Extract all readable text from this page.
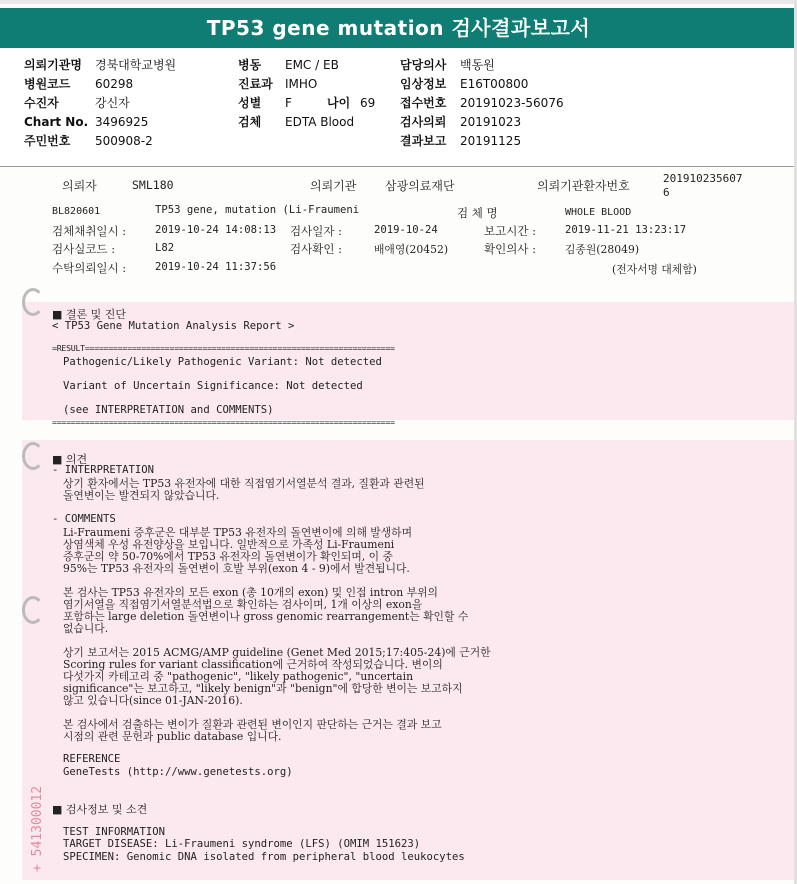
TP53 gene mutation 검사결과보고서
의뢰기관명 경북대학교병원
병원코드 60298
수진자	강신자
Chart No. 3496925
주민번호 500908-2
병동 EMC / EB
진료과 IMHO
성별 F	나이 69
검체 EDTA Blood
담당의사 백동원
임상정보 E16T00800
접수번호 20191023-56076
검사의뢰 20191023
결과보고 20191125
의뢰자	SML180	의뢰기관 삼광의료재단	의뢰기관환자번호
201910235607
6
BL820601	TP53 gene, mutation (Li-Fraumeni	검 체 명	WHOLE BLOOD
검체채취일시 :	2019-10-24 14:08:13 검사일자 :	2019-10-24	보고시간 :	2019-11-21 13:23:17
검사실코드 :	L82	검사확인 :	배애영(20452)	확인의사 :	김종원(28049)
수탁의뢰일시 :	2019-10-24 11:37:56	(전자서명 대체함)
■ 결론 및 진단
< TP53 Gene Mutation Analysis Report >
=RESULT==================================================================
Pathogenic/Likely Pathogenic Variant: Not detected
Variant of Uncertain Significance: Not detected
(see INTERPRETATION and COMMENTS)
=========================================================================
■ 의견
- INTERPRETATION
상기 환자에서는 TP53 유전자에 대한 직접염기서열분석 결과, 질환과 관련된
돌연변이는 발견되지 않았습니다.
- COMMENTS
Li-Fraumeni 증후군은 대부분 TP53 유전자의 돌연변이에 의해 발생하며
상염색체 우성 유전양상을 보입니다. 일반적으로 가족성 Li-Fraumeni
증후군의 약 50-70%에서 TP53 유전자의 돌연변이가 확인되며, 이 중
95%는 TP53 유전자의 돌연변이 호발 부위(exon 4 - 9)에서 발견됩니다.
본 검사는 TP53 유전자의 모든 exon (총 10개의 exon) 및 인접 intron 부위의
염기서열을 직접염기서열분석법으로 확인하는 검사이며, 1개 이상의 exon을
포함하는 large deletion 돌연변이나 gross genomic rearrangement는 확인할 수
없습니다.
상기 보고서는 2015 ACMG/AMP guideline (Genet Med 2015;17:405-24)에 근거한
Scoring rules for variant classification에 근거하여 작성되었습니다. 변이의
다섯가지 카테고리 중 "pathogenic", "likely pathogenic", "uncertain
significance"는 보고하고, "likely benign"과 "benign"에 합당한 변이는 보고하지
않고 있습니다(since 01-JAN-2016).
본 검사에서 검출하는 변이가 질환과 관련된 변이인지 판단하는 근거는 결과 보고
시점의 관련 문헌과 public database 입니다.
REFERENCE
GeneTests (http://www.genetests.org)
■ 검사정보 및 소견
TEST INFORMATION
TARGET DISEASE: Li-Fraumeni syndrome (LFS) (OMIM 151623)
SPECIMEN: Genomic DNA isolated from peripheral blood leukocytes
+ 541300012
